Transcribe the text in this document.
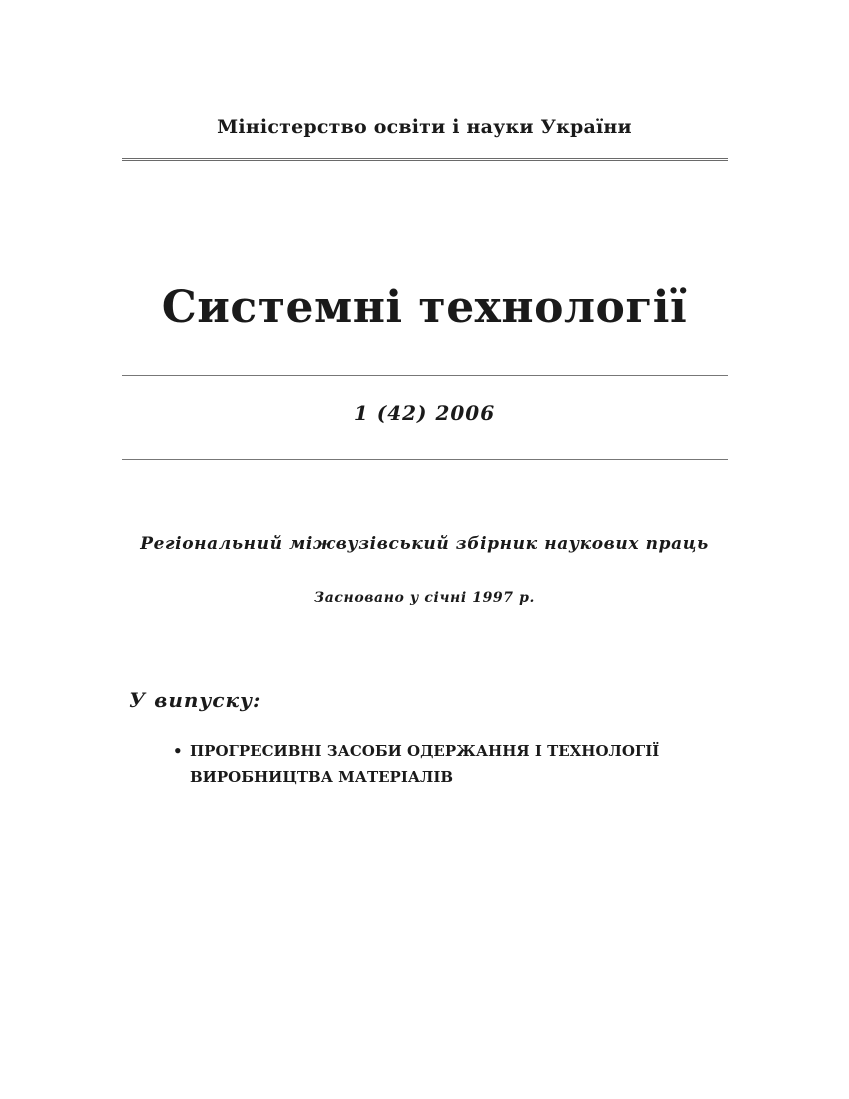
Міністерство освіти і науки України
Системні технології
1 (42) 2006
Регіональний міжвузівський збірник наукових праць
Засновано у січні 1997 р.
У випуску:
• ПРОГРЕСИВНІ ЗАСОБИ ОДЕРЖАННЯ І ТЕХНОЛОГІЇ
ВИРОБНИЦТВА МАТЕРІАЛІВ
